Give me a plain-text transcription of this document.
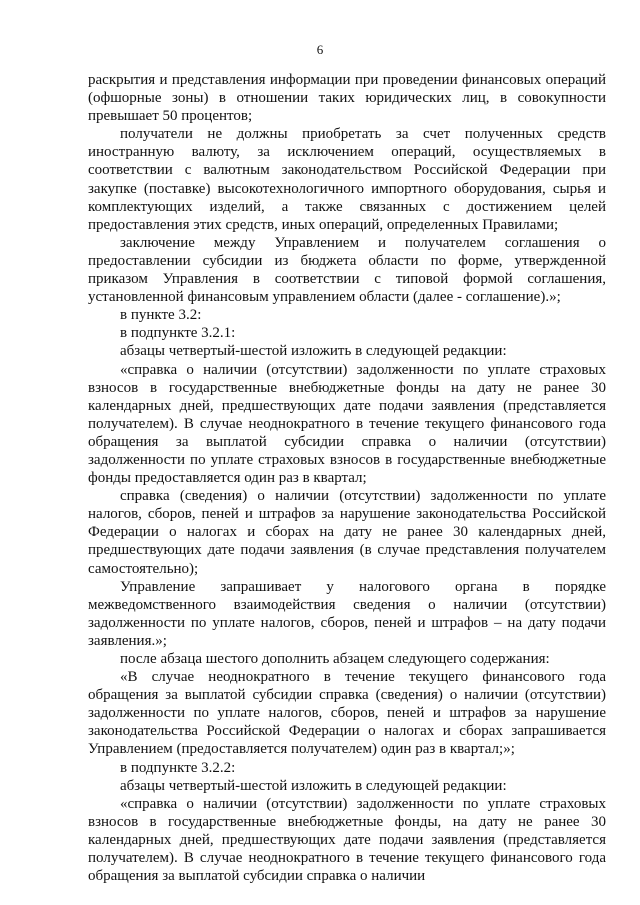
6

раскрытия и представления информации при проведении финансовых операций (офшорные зоны) в отношении таких юридических лиц, в совокупности превышает 50 процентов;

получатели не должны приобретать за счет полученных средств иностранную валюту, за исключением операций, осуществляемых в соответствии с валютным законодательством Российской Федерации при закупке (поставке) высокотехнологичного импортного оборудования, сырья и комплектующих изделий, а также связанных с достижением целей предоставления этих средств, иных операций, определенных Правилами;

заключение между Управлением и получателем соглашения о предоставлении субсидии из бюджета области по форме, утвержденной приказом Управления в соответствии с типовой формой соглашения, установленной финансовым управлением области (далее - соглашение).»;

в пункте 3.2:

в подпункте 3.2.1:

абзацы четвертый-шестой изложить в следующей редакции:

«справка о наличии (отсутствии) задолженности по уплате страховых взносов в государственные внебюджетные фонды на дату не ранее 30 календарных дней, предшествующих дате подачи заявления (представляется получателем). В случае неоднократного в течение текущего финансового года обращения за выплатой субсидии справка о наличии (отсутствии) задолженности по уплате страховых взносов в государственные внебюджетные фонды предоставляется один раз в квартал;

справка (сведения) о наличии (отсутствии) задолженности по уплате налогов, сборов, пеней и штрафов за нарушение законодательства Российской Федерации о налогах и сборах на дату не ранее 30 календарных дней, предшествующих дате подачи заявления (в случае представления получателем самостоятельно);

Управление запрашивает у налогового органа в порядке межведомственного взаимодействия сведения о наличии (отсутствии) задолженности по уплате налогов, сборов, пеней и штрафов – на дату подачи заявления.»;

после абзаца шестого дополнить абзацем следующего содержания:

«В случае неоднократного в течение текущего финансового года обращения за выплатой субсидии справка (сведения) о наличии (отсутствии) задолженности по уплате налогов, сборов, пеней и штрафов за нарушение законодательства Российской Федерации о налогах и сборах запрашивается Управлением (предоставляется получателем) один раз в квартал;»;

в подпункте 3.2.2:

абзацы четвертый-шестой изложить в следующей редакции:

«справка о наличии (отсутствии) задолженности по уплате страховых взносов в государственные внебюджетные фонды, на дату не ранее 30 календарных дней, предшествующих дате подачи заявления (представляется получателем). В случае неоднократного в течение текущего финансового года обращения за выплатой субсидии справка о наличии
